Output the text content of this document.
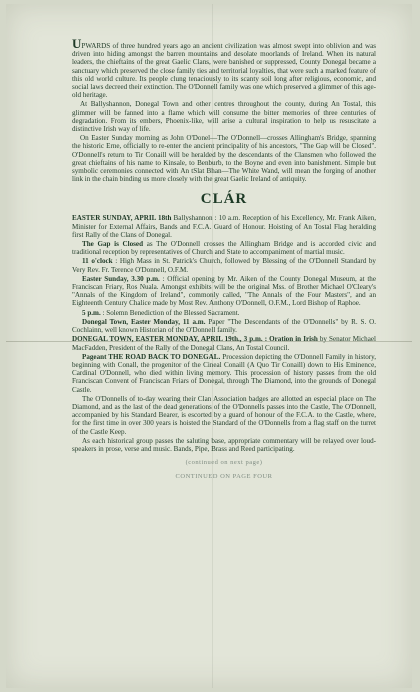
UPWARDS of three hundred years ago an ancient civilization was almost swept into oblivion and was driven into hiding amongst the barren mountains and desolate moorlands of Ireland. When its natural leaders, the chieftains of the great Gaelic Clans, were banished or suppressed, County Donegal became a sanctuary which preserved the close family ties and territorial loyalties, that were such a marked feature of this old world culture. Its people clung tenaciously to its scanty soil long after religious, economic, and social laws decreed their extinction. The O'Donnell family was one which preserved a glimmer of this age-old heritage.

At Ballyshannon, Donegal Town and other centres throughout the county, during An Tostal, this glimmer will be fanned into a flame which will consume the bitter memories of three centuries of degradation. From its embers, Phoenix-like, will arise a cultural inspiration to help us resuscitate a distinctive Irish way of life.

On Easter Sunday morning as John O'Donel—The O'Donnell—crosses Allingham's Bridge, spanning the historic Erne, officially to re-enter the ancient principality of his ancestors, "The Gap will be Closed". O'Donnell's return to Tir Conaill will be heralded by the descendants of the Clansmen who followed the great chieftains of his name to Kinsale, to Benburb, to the Boyne and even into banishment. Simple but symbolic ceremonies connected with An tSlat Bhan—The White Wand, will mean the forging of another link in the chain binding us more closely with the great Gaelic Ireland of antiquity.

CLÁR

EASTER SUNDAY, APRIL 18th Ballyshannon : 10 a.m. Reception of his Excellency, Mr. Frank Aiken, Minister for External Affairs, Bands and F.C.A. Guard of Honour. Hoisting of An Tostal Flag heralding first Rally of the Clans of Donegal.

The Gap is Closed as The O'Donnell crosses the Allingham Bridge and is accorded civic and traditional reception by representatives of Church and State to accompaniment of martial music.

11 o'clock : High Mass in St. Patrick's Church, followed by Blessing of the O'Donnell Standard by Very Rev. Fr. Terence O'Donnell, O.F.M.

Easter Sunday, 3.30 p.m. : Official opening by Mr. Aiken of the County Donegal Museum, at the Franciscan Friary, Ros Nuala. Amongst exhibits will be the original Mss. of Brother Michael O'Cleary's "Annals of the Kingdom of Ireland", commonly called, "The Annals of the Four Masters", and an Eighteenth Century Chalice made by Most Rev. Anthony O'Donnell, O.F.M., Lord Bishop of Raphoe.

5 p.m. : Solemn Benediction of the Blessed Sacrament.

Donegal Town, Easter Monday, 11 a.m. Paper "The Descendants of the O'Donnells" by R. S. O. Cochlainn, well known Historian of the O'Donnell family.

DONEGAL TOWN, EASTER MONDAY, APRIL 19th., 3 p.m. : Oration in Irish by Senator Michael MacFadden, President of the Rally of the Donegal Clans, An Tostal Council.

Pageant THE ROAD BACK TO DONEGAL. Procession depicting the O'Donnell Family in history, beginning with Conall, the progenitor of the Cineal Conaill (A Quo Tir Conaill) down to His Eminence, Cardinal O'Donnell, who died within living memory. This procession of history passes from the old Franciscan Convent of Franciscan Friars of Donegal, through The Diamond, into the grounds of Donegal Castle.

The O'Donnells of to-day wearing their Clan Association badges are allotted an especial place on The Diamond, and as the last of the dead generations of the O'Donnells passes into the Castle, The O'Donnell, accompanied by his Standard Bearer, is escorted by a guard of honour of the F.C.A. to the Castle, where, for the first time in over 300 years is hoisted the Standard of the O'Donnells from a flag staff on the turret of the Castle Keep.

As each historical group passes the saluting base, appropriate commentary will be relayed over loud-speakers in prose, verse and music. Bands, Pipe, Brass and Reed participating.

(continued on next page)
CONTINUED ON PAGE FOUR
